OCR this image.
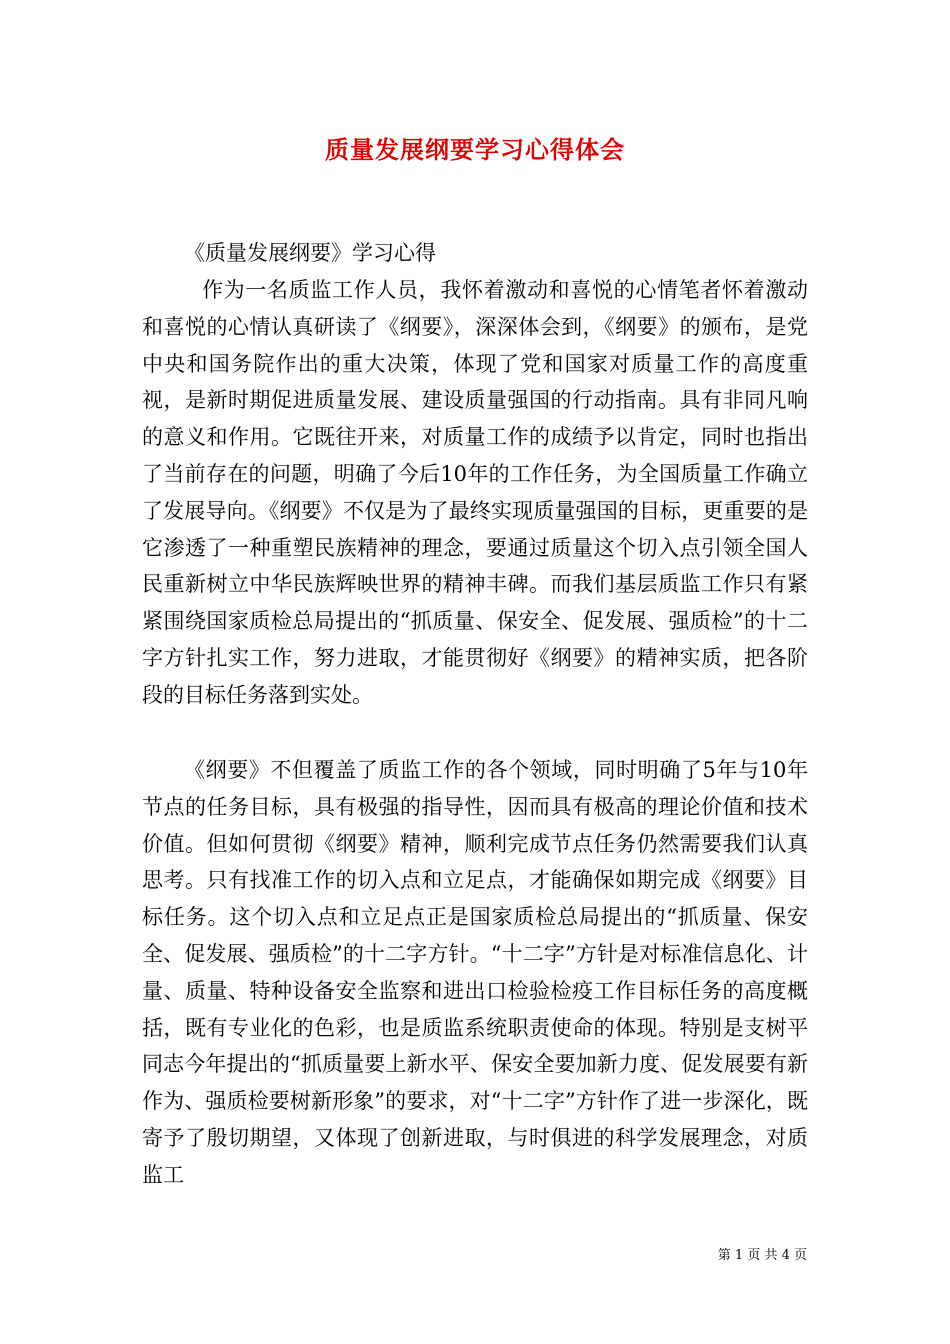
质量发展纲要学习心得体会

《质量发展纲要》学习心得

作为一名质监工作人员，我怀着激动和喜悦的心情笔者怀着激动和喜悦的心情认真研读了《纲要》，深深体会到，《纲要》的颁布，是党中央和国务院作出的重大决策，体现了党和国家对质量工作的高度重视，是新时期促进质量发展、建设质量强国的行动指南。具有非同凡响的意义和作用。它既往开来，对质量工作的成绩予以肯定，同时也指出了当前存在的问题，明确了今后10年的工作任务，为全国质量工作确立了发展导向。《纲要》不仅是为了最终实现质量强国的目标，更重要的是它渗透了一种重塑民族精神的理念，要通过质量这个切入点引领全国人民重新树立中华民族辉映世界的精神丰碑。而我们基层质监工作只有紧紧围绕国家质检总局提出的“抓质量、保安全、促发展、强质检”的十二字方针扎实工作，努力进取，才能贯彻好《纲要》的精神实质，把各阶段的目标任务落到实处。

《纲要》不但覆盖了质监工作的各个领域，同时明确了5年与10年节点的任务目标，具有极强的指导性，因而具有极高的理论价值和技术价值。但如何贯彻《纲要》精神，顺利完成节点任务仍然需要我们认真思考。只有找准工作的切入点和立足点，才能确保如期完成《纲要》目标任务。这个切入点和立足点正是国家质检总局提出的“抓质量、保安全、促发展、强质检”的十二字方针。“十二字”方针是对标准信息化、计量、质量、特种设备安全监察和进出口检验检疫工作目标任务的高度概括，既有专业化的色彩，也是质监系统职责使命的体现。特别是支树平同志今年提出的“抓质量要上新水平、保安全要加新力度、促发展要有新作为、强质检要树新形象”的要求，对“十二字”方针作了进一步深化，既寄予了殷切期望，又体现了创新进取，与时俱进的科学发展理念，对质监工

第 1 页 共 4 页
